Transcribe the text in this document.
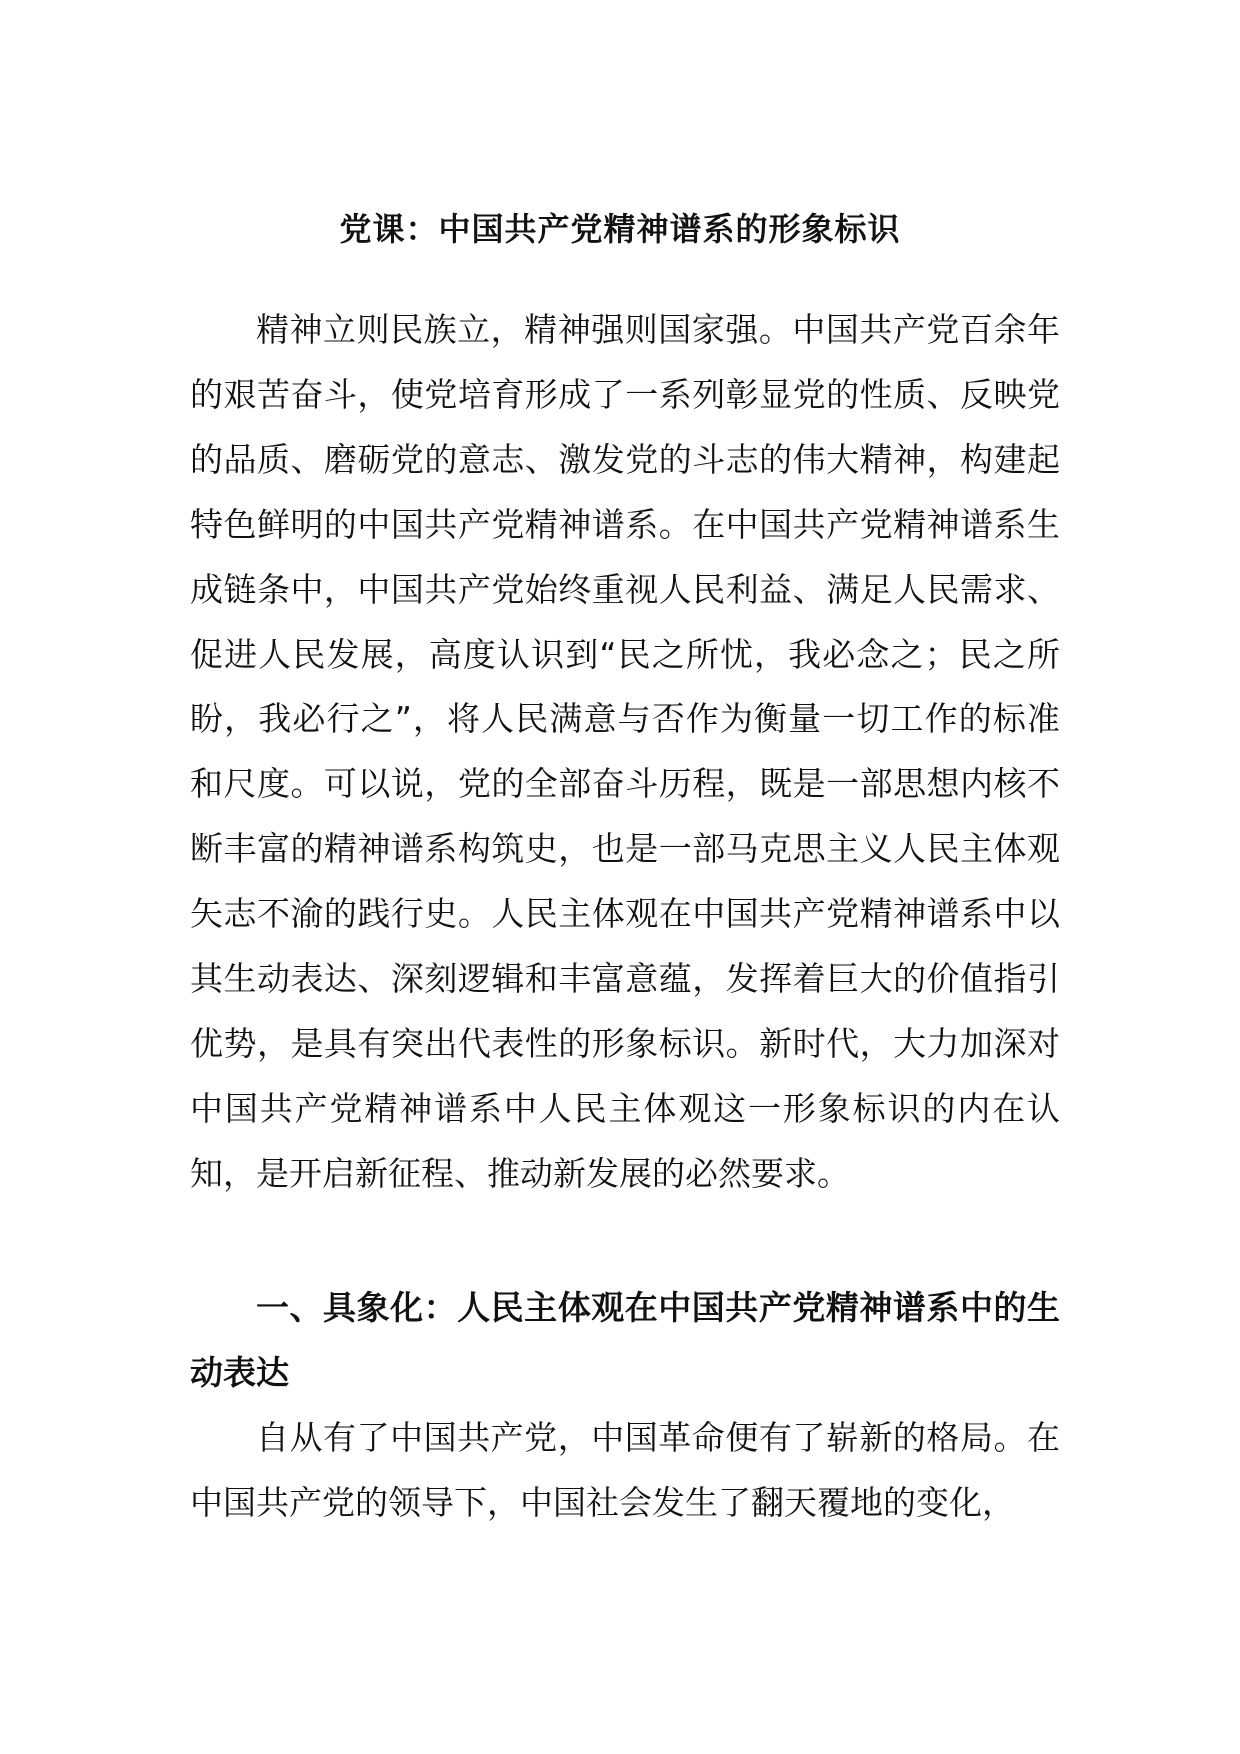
党课：中国共产党精神谱系的形象标识

精神立则民族立，精神强则国家强。中国共产党百余年的艰苦奋斗，使党培育形成了一系列彰显党的性质、反映党的品质、磨砺党的意志、激发党的斗志的伟大精神，构建起特色鲜明的中国共产党精神谱系。在中国共产党精神谱系生成链条中，中国共产党始终重视人民利益、满足人民需求、促进人民发展，高度认识到“民之所忧，我必念之；民之所盼，我必行之”，将人民满意与否作为衡量一切工作的标准和尺度。可以说，党的全部奋斗历程，既是一部思想内核不断丰富的精神谱系构筑史，也是一部马克思主义人民主体观矢志不渝的践行史。人民主体观在中国共产党精神谱系中以其生动表达、深刻逻辑和丰富意蕴，发挥着巨大的价值指引优势，是具有突出代表性的形象标识。新时代，大力加深对中国共产党精神谱系中人民主体观这一形象标识的内在认知，是开启新征程、推动新发展的必然要求。

一、具象化：人民主体观在中国共产党精神谱系中的生动表达

自从有了中国共产党，中国革命便有了崭新的格局。在中国共产党的领导下，中国社会发生了翻天覆地的变化，
